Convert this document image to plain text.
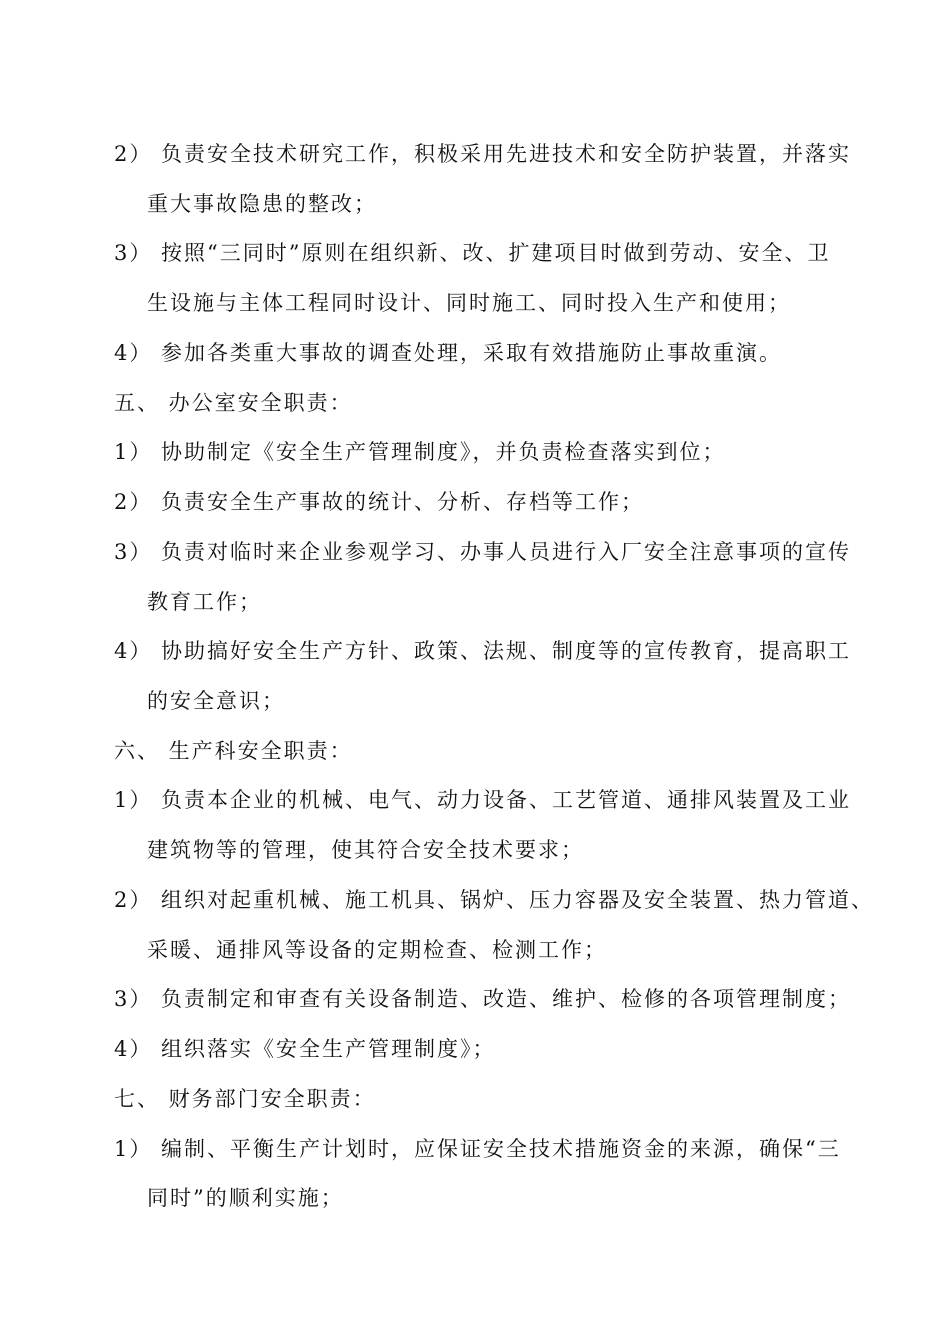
2） 负责安全技术研究工作，积极采用先进技术和安全防护装置，并落实
重大事故隐患的整改；
3） 按照“三同时”原则在组织新、改、扩建项目时做到劳动、安全、卫
生设施与主体工程同时设计、同时施工、同时投入生产和使用；
4） 参加各类重大事故的调查处理，采取有效措施防止事故重演。
五、 办公室安全职责：
1） 协助制定《安全生产管理制度》，并负责检查落实到位；
2） 负责安全生产事故的统计、分析、存档等工作；
3） 负责对临时来企业参观学习、办事人员进行入厂安全注意事项的宣传
教育工作；
4） 协助搞好安全生产方针、政策、法规、制度等的宣传教育，提高职工
的安全意识；
六、 生产科安全职责：
1） 负责本企业的机械、电气、动力设备、工艺管道、通排风装置及工业
建筑物等的管理，使其符合安全技术要求；
2） 组织对起重机械、施工机具、锅炉、压力容器及安全装置、热力管道、
采暖、通排风等设备的定期检查、检测工作；
3） 负责制定和审查有关设备制造、改造、维护、检修的各项管理制度；
4） 组织落实《安全生产管理制度》；
七、 财务部门安全职责：
1） 编制、平衡生产计划时，应保证安全技术措施资金的来源，确保“三
同时”的顺利实施；
